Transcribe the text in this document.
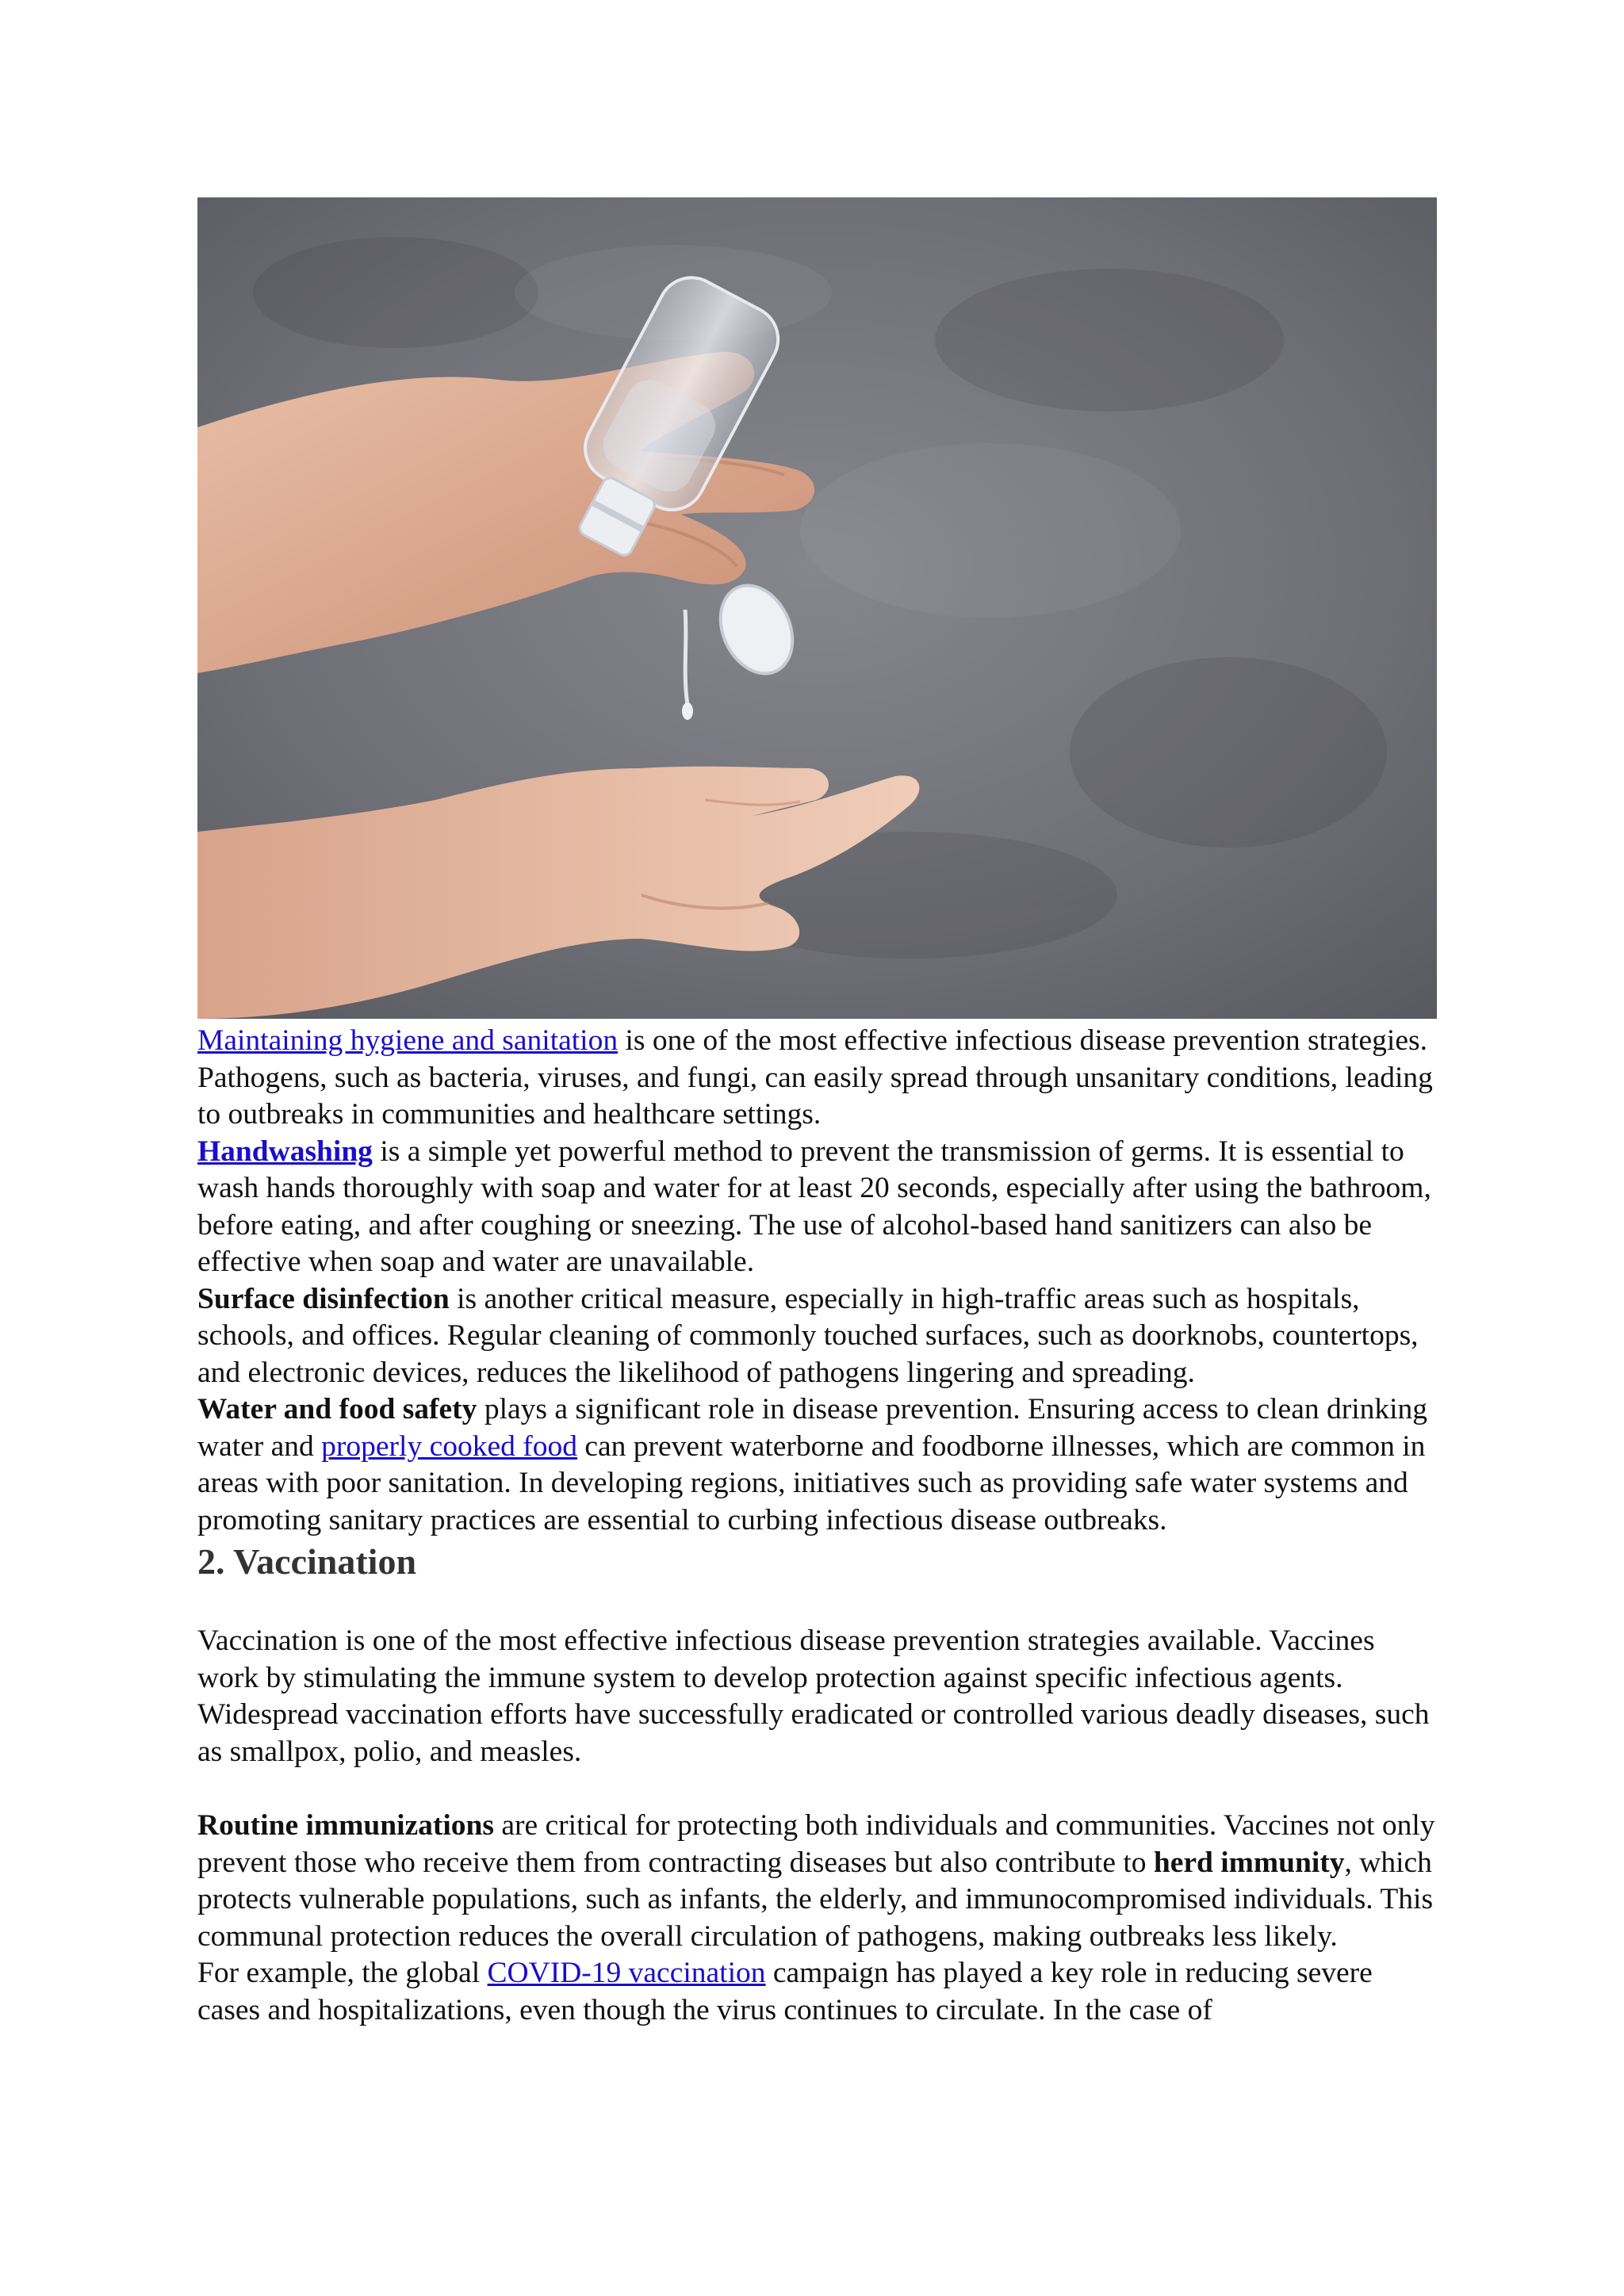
Maintaining hygiene and sanitation is one of the most effective infectious disease prevention strategies. Pathogens, such as bacteria, viruses, and fungi, can easily spread through unsanitary conditions, leading to outbreaks in communities and healthcare settings.

Handwashing is a simple yet powerful method to prevent the transmission of germs. It is essential to wash hands thoroughly with soap and water for at least 20 seconds, especially after using the bathroom, before eating, and after coughing or sneezing. The use of alcohol-based hand sanitizers can also be effective when soap and water are unavailable.

Surface disinfection is another critical measure, especially in high-traffic areas such as hospitals, schools, and offices. Regular cleaning of commonly touched surfaces, such as doorknobs, countertops, and electronic devices, reduces the likelihood of pathogens lingering and spreading.

Water and food safety plays a significant role in disease prevention. Ensuring access to clean drinking water and properly cooked food can prevent waterborne and foodborne illnesses, which are common in areas with poor sanitation. In developing regions, initiatives such as providing safe water systems and promoting sanitary practices are essential to curbing infectious disease outbreaks.

2. Vaccination

Vaccination is one of the most effective infectious disease prevention strategies available. Vaccines work by stimulating the immune system to develop protection against specific infectious agents. Widespread vaccination efforts have successfully eradicated or controlled various deadly diseases, such as smallpox, polio, and measles.

Routine immunizations are critical for protecting both individuals and communities. Vaccines not only prevent those who receive them from contracting diseases but also contribute to herd immunity, which protects vulnerable populations, such as infants, the elderly, and immunocompromised individuals. This communal protection reduces the overall circulation of pathogens, making outbreaks less likely.

For example, the global COVID-19 vaccination campaign has played a key role in reducing severe cases and hospitalizations, even though the virus continues to circulate. In the case of
